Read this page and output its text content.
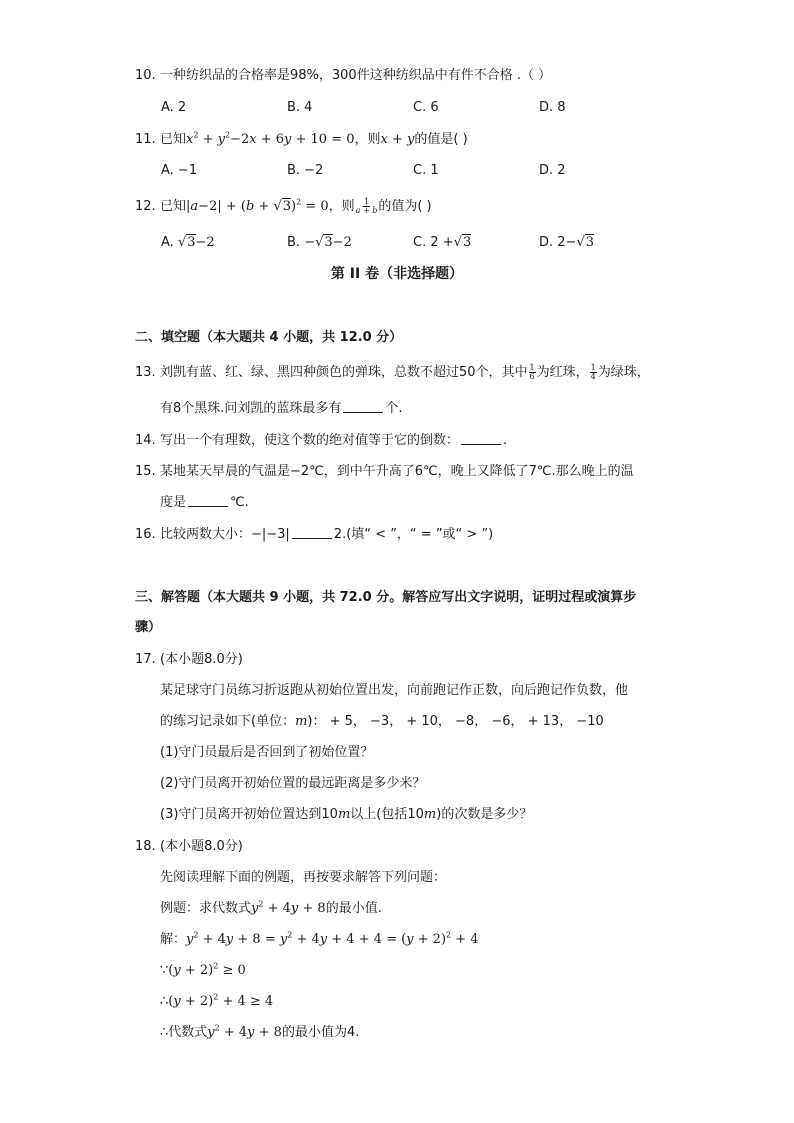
10. 一种纺织品的合格率是98%，300件这种纺织品中有件不合格 .（ ）
A. 2	B. 4	C. 6	D. 8
11. 已知$x^2 + y^2-2x + 6y + 10 = 0$，则x + y的值是( )
A. −1	B. −2	C. 1	D. 2
12. 已知$|a-2| + (b + √3)^2 = 0$，则 $\frac{1}{a + b}$ 的值为( )
A. √3−2	B. −√3−2	C. 2 +√3	D. 2−√3
第 II 卷（非选择题）
二、填空题（本大题共 4 小题，共 12.0 分）
13. 刘凯有蓝、红、绿、黑四种颜色的弹珠，总数不超过50个，其中 $\frac{1}{6}$ 为红珠， $\frac{1}{4}$ 为绿珠，
有8个黑珠.问刘凯的蓝珠最多有	个.
14. 写出一个有理数，使这个数的绝对值等于它的倒数：	.
15. 某地某天早晨的气温是−2℃，到中午升高了6℃，晚上又降低了7℃.那么晚上的温
度是	℃.
16. 比较两数大小：−|−3|	2.(填“ < ”，“ = ”或“ > ”)
三、解答题（本大题共 9 小题，共 72.0 分。解答应写出文字说明，证明过程或演算步
骤）
17. (本小题8.0分)
某足球守门员练习折返跑从初始位置出发，向前跑记作正数，向后跑记作负数，他
的练习记录如下(单位：m)： + 5， −3， + 10， −8， −6， + 13， −10
(1)守门员最后是否回到了初始位置？
(2)守门员离开初始位置的最远距离是多少米？
(3)守门员离开初始位置达到10m以上(包括10m)的次数是多少？
18. (本小题8.0分)
先阅读理解下面的例题，再按要求解答下列问题：
例题：求代数式$y^2 + 4y + 8$的最小值.
解：$y^2 + 4y + 8 = y^2 + 4y + 4 + 4 = (y + 2)^2 + 4$
∵(y + 2)$^2$ ≥ 0
∴(y + 2)$^2$ + 4 ≥ 4
∴代数式$y^2 + 4y + 8$的最小值为4.
